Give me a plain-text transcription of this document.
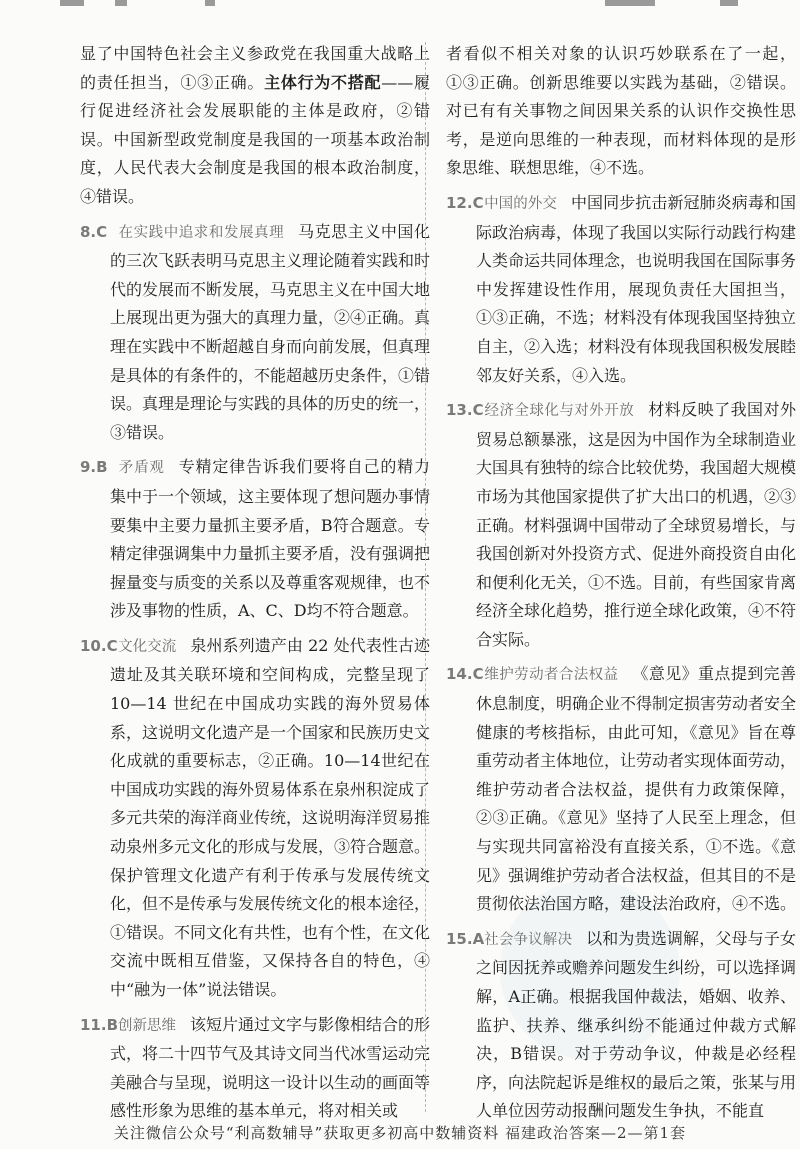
显了中国特色社会主义参政党在我国重大战略上的责任担当，①③正确。主体行为不搭配——履行促进经济社会发展职能的主体是政府，②错误。中国新型政党制度是我国的一项基本政治制度，人民代表大会制度是我国的根本政治制度，④错误。

8.C 在实践中追求和发展真理 马克思主义中国化的三次飞跃表明马克思主义理论随着实践和时代的发展而不断发展，马克思主义在中国大地上展现出更为强大的真理力量，②④正确。真理在实践中不断超越自身而向前发展，但真理是具体的有条件的，不能超越历史条件，①错误。真理是理论与实践的具体的历史的统一，③错误。

9.B 矛盾观 专精定律告诉我们要将自己的精力集中于一个领域，这主要体现了想问题办事情要集中主要力量抓主要矛盾，B符合题意。专精定律强调集中力量抓主要矛盾，没有强调把握量变与质变的关系以及尊重客观规律，也不涉及事物的性质，A、C、D均不符合题意。

10.C文化交流 泉州系列遗产由 22 处代表性古迹遗址及其关联环境和空间构成，完整呈现了 10—14 世纪在中国成功实践的海外贸易体系，这说明文化遗产是一个国家和民族历史文化成就的重要标志，②正确。10—14世纪在中国成功实践的海外贸易体系在泉州积淀成了多元共荣的海洋商业传统，这说明海洋贸易推动泉州多元文化的形成与发展，③符合题意。保护管理文化遗产有利于传承与发展传统文化，但不是传承与发展传统文化的根本途径，①错误。不同文化有共性，也有个性，在文化交流中既相互借鉴，又保持各自的特色，④中“融为一体”说法错误。

11.B创新思维 该短片通过文字与影像相结合的形式，将二十四节气及其诗文同当代冰雪运动完美融合与呈现，说明这一设计以生动的画面等感性形象为思维的基本单元，将对相关或

者看似不相关对象的认识巧妙联系在了一起，①③正确。创新思维要以实践为基础，②错误。对已有有关事物之间因果关系的认识作交换性思考，是逆向思维的一种表现，而材料体现的是形象思维、联想思维，④不选。

12.C中国的外交 中国同步抗击新冠肺炎病毒和国际政治病毒，体现了我国以实际行动践行构建人类命运共同体理念，也说明我国在国际事务中发挥建设性作用，展现负责任大国担当，①③正确，不选；材料没有体现我国坚持独立自主，②入选；材料没有体现我国积极发展睦邻友好关系，④入选。

13.C经济全球化与对外开放 材料反映了我国对外贸易总额暴涨，这是因为中国作为全球制造业大国具有独特的综合比较优势，我国超大规模市场为其他国家提供了扩大出口的机遇，②③正确。材料强调中国带动了全球贸易增长，与我国创新对外投资方式、促进外商投资自由化和便利化无关，①不选。目前，有些国家肯离经济全球化趋势，推行逆全球化政策，④不符合实际。

14.C维护劳动者合法权益 《意见》重点提到完善休息制度，明确企业不得制定损害劳动者安全健康的考核指标，由此可知，《意见》旨在尊重劳动者主体地位，让劳动者实现体面劳动，维护劳动者合法权益，提供有力政策保障，②③正确。《意见》坚持了人民至上理念，但与实现共同富裕没有直接关系，①不选。《意见》强调维护劳动者合法权益，但其目的不是贯彻依法治国方略，建设法治政府，④不选。

15.A社会争议解决 以和为贵选调解，父母与子女之间因抚养或赡养问题发生纠纷，可以选择调解，A正确。根据我国仲裁法，婚姻、收养、监护、扶养、继承纠纷不能通过仲裁方式解决，B错误。对于劳动争议，仲裁是必经程序，向法院起诉是维权的最后之策，张某与用人单位因劳动报酬问题发生争执，不能直

关注微信公众号“利高数辅导”获取更多初高中数辅资料 福建政治答案—2—第1套
